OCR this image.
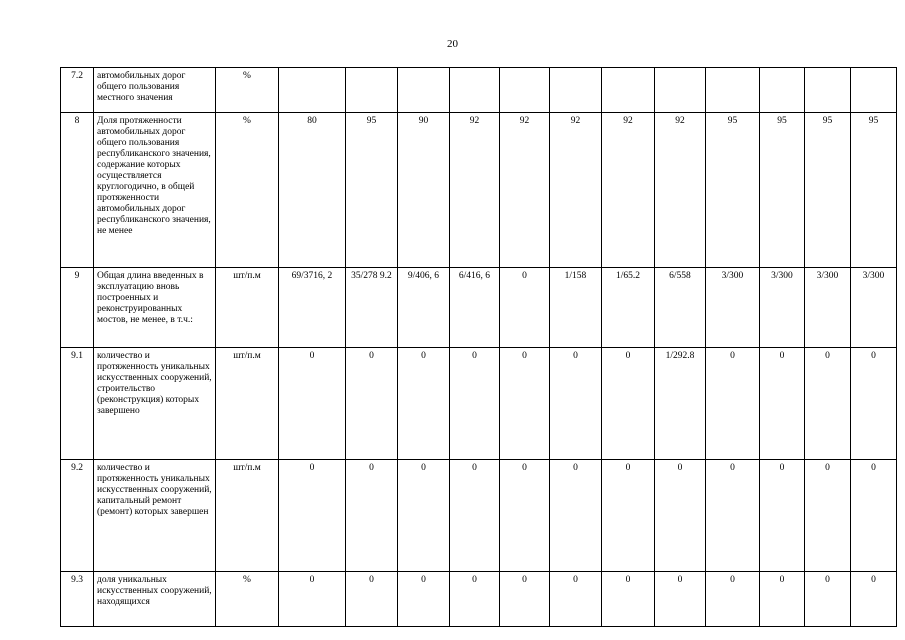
20
7.2	автомобильных дорог общего пользования местного значения	%												
8	Доля протяженности автомобильных дорог общего пользования республиканского значения, содержание которых осуществляется круглогодично, в общей протяженности автомобильных дорог республиканского значения, не менее	%	80	95	90	92	92	92	92	92	95	95	95	95
9	Общая длина введенных в эксплуатацию вновь построенных и реконструированных мостов, не менее, в т.ч.:	шт/п.м	69/3716, 2	35/278 9.2	9/406, 6	6/416, 6	0	1/158	1/65.2	6/558	3/300	3/300	3/300	3/300
9.1	количество и протяженность уникальных искусственных сооружений, строительство (реконструкция) которых завершено	шт/п.м	0	0	0	0	0	0	0	1/292.8	0	0	0	0
9.2	количество и протяженность уникальных искусственных сооружений, капитальный ремонт (ремонт) которых завершен	шт/п.м	0	0	0	0	0	0	0	0	0	0	0	0
9.3	доля уникальных искусственных сооружений, находящихся	%	0	0	0	0	0	0	0	0	0	0	0	0
